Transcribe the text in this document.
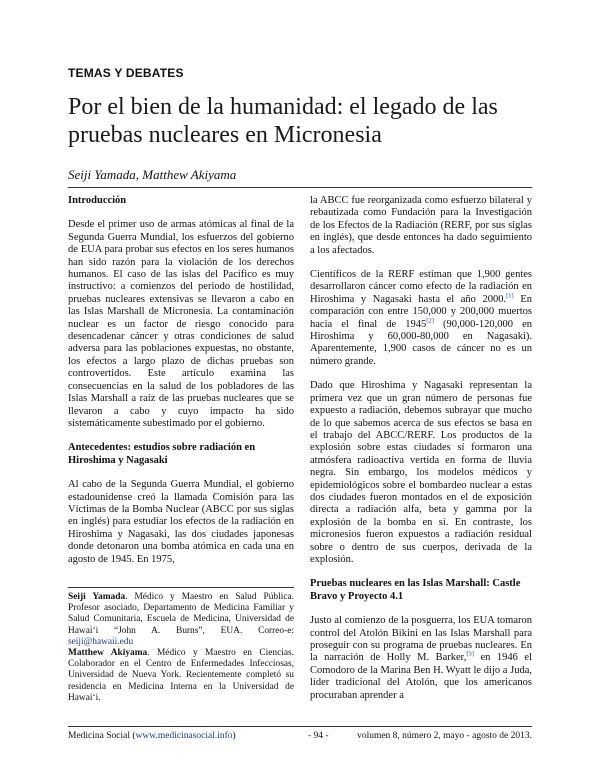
TEMAS Y DEBATES
Por el bien de la humanidad: el legado de las pruebas nucleares en Micronesia
Seiji Yamada, Matthew Akiyama
Introducción

Desde el primer uso de armas atómicas al final de la Segunda Guerra Mundial, los esfuerzos del gobierno de EUA para probar sus efectos en los seres humanos han sido razón para la violación de los derechos humanos. El caso de las islas del Pacífico es muy instructivo: a comienzos del periodo de hostilidad, pruebas nucleares extensivas se llevaron a cabo en las Islas Marshall de Micronesia. La contaminación nuclear es un factor de riesgo conocido para desencadenar cáncer y otras condiciones de salud adversa para las poblaciones expuestas, no obstante, los efectos a largo plazo de dichas pruebas son controvertidos. Este artículo examina las consecuencias en la salud de los pobladores de las Islas Marshall a raíz de las pruebas nucleares que se llevaron a cabo y cuyo impacto ha sido sistemáticamente subestimado por el gobierno.

Antecedentes: estudios sobre radiación en Hiroshima y Nagasaki

Al cabo de la Segunda Guerra Mundial, el gobierno estadounidense creó la llamada Comisión para las Víctimas de la Bomba Nuclear (ABCC por sus siglas en inglés) para estudiar los efectos de la radiación en Hiroshima y Nagasaki, las dos ciudades japonesas donde detonaron una bomba atómica en cada una en agosto de 1945. En 1975,

Seiji Yamada. Médico y Maestro en Salud Pública. Profesor asociado, Departamento de Medicina Familiar y Salud Comunitaria, Escuela de Medicina, Universidad de Hawai‘i “John A. Burns”, EUA. Correo-e: seiji@hawaii.edu

Matthew Akiyama. Médico y Maestro en Ciencias. Colaborador en el Centro de Enfermedades Infecciosas, Universidad de Nueva York. Recientemente completó su residencia en Medicina Interna en la Universidad de Hawai‘i.

la ABCC fue reorganizada como esfuerzo bilateral y rebautizada como Fundación para la Investigación de los Efectos de la Radiación (RERF, por sus siglas en inglés), que desde entonces ha dado seguimiento a los afectados.

Científicos de la RERF estiman que 1,900 gentes desarrollaron cáncer como efecto de la radiación en Hiroshima y Nagasaki hasta el año 2000.[1] En comparación con entre 150,000 y 200,000 muertos hacia el final de 1945[2] (90,000-120,000 en Hiroshima y 60,000-80,000 en Nagasaki). Aparentemente, 1,900 casos de cáncer no es un número grande.

Dado que Hiroshima y Nagasaki representan la primera vez que un gran número de personas fue expuesto a radiación, debemos subrayar que mucho de lo que sabemos acerca de sus efectos se basa en el trabajo del ABCC/RERF. Los productos de la explosión sobre estas ciudades sí formaron una atmósfera radioactiva vertida en forma de lluvia negra. Sin embargo, los modelos médicos y epidemiológicos sobre el bombardeo nuclear a estas dos ciudades fueron montados en el de exposición directa a radiación alfa, beta y gamma por la explosión de la bomba en sí. En contraste, los micronesios fueron expuestos a radiación residual sobre o dentro de sus cuerpos, derivada de la explosión.

Pruebas nucleares en las Islas Marshall: Castle Bravo y Proyecto 4.1

Justo al comienzo de la posguerra, los EUA tomaron control del Atolón Bikini en las Islas Marshall para proseguir con su programa de pruebas nucleares. En la narración de Holly M. Barker,[3] en 1946 el Comodoro de la Marina Ben H. Wyatt le dijo a Juda, líder tradicional del Atolón, que los americanos procuraban aprender a

Medicina Social (www.medicinasocial.info)	- 94 -	volumen 8, número 2, mayo - agosto de 2013.
